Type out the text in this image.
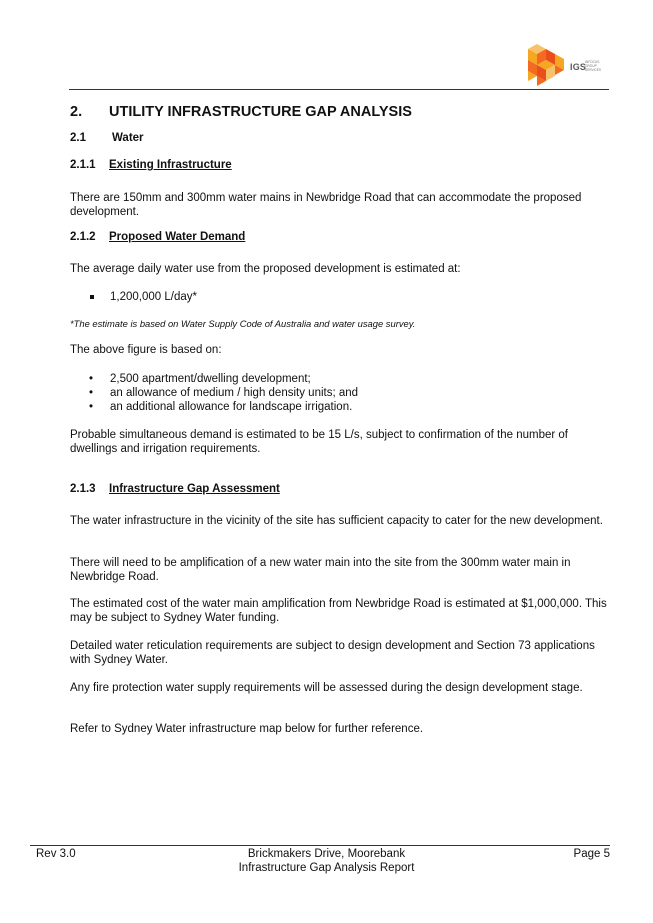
IGS
INFOCUS
GROUP
SERVICES
2. UTILITY INFRASTRUCTURE GAP ANALYSIS
2.1 Water
2.1.1 Existing Infrastructure

There are 150mm and 300mm water mains in Newbridge Road that can accommodate the proposed development.

2.1.2 Proposed Water Demand

The average daily water use from the proposed development is estimated at:

1,200,000 L/day*

*The estimate is based on Water Supply Code of Australia and water usage survey.

The above figure is based on:

• 2,500 apartment/dwelling development;
• an allowance of medium / high density units; and
• an additional allowance for landscape irrigation.

Probable simultaneous demand is estimated to be 15 L/s, subject to confirmation of the number of dwellings and irrigation requirements.

2.1.3 Infrastructure Gap Assessment

The water infrastructure in the vicinity of the site has sufficient capacity to cater for the new development.

There will need to be amplification of a new water main into the site from the 300mm water main in Newbridge Road.

The estimated cost of the water main amplification from Newbridge Road is estimated at $1,000,000. This may be subject to Sydney Water funding.

Detailed water reticulation requirements are subject to design development and Section 73 applications with Sydney Water.

Any fire protection water supply requirements will be assessed during the design development stage.

Refer to Sydney Water infrastructure map below for further reference.

Rev 3.0	Brickmakers Drive, Moorebank
Infrastructure Gap Analysis Report
Page 5
